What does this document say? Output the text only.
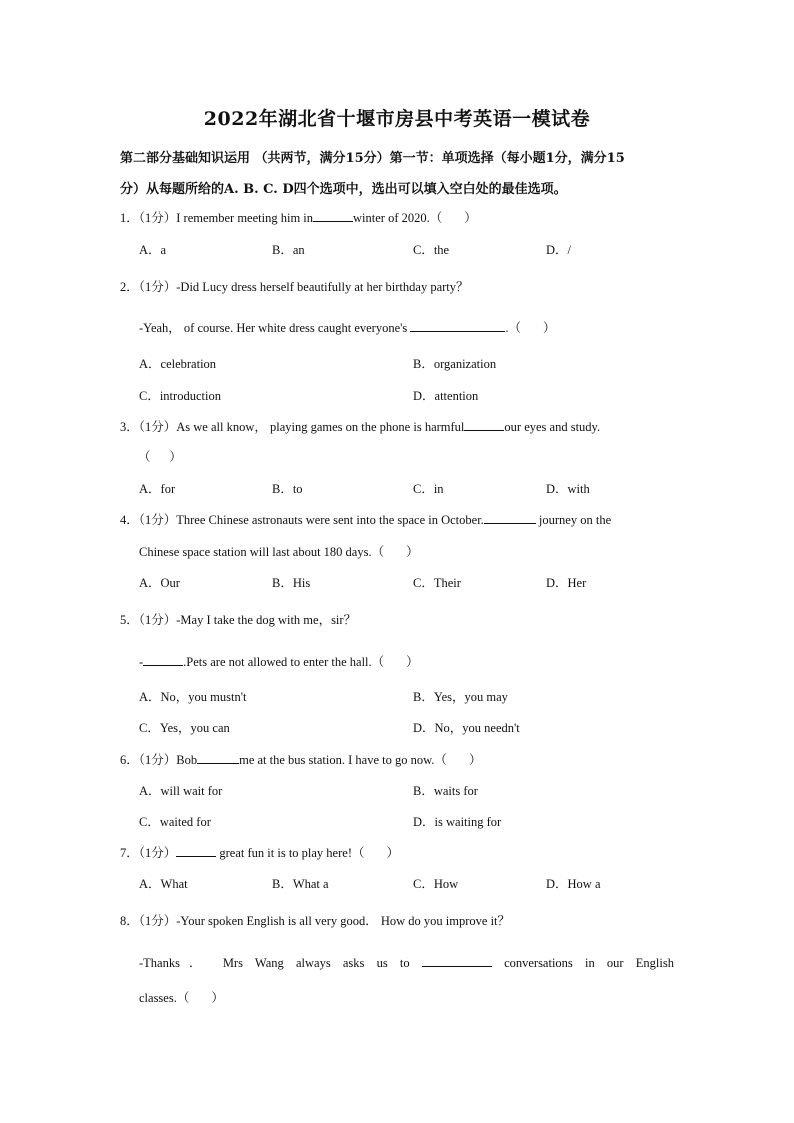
2022年湖北省十堰市房县中考英语一模试卷
第二部分基础知识运用 （共两节，满分15分）第一节：单项选择（每小题1分，满分15
分）从每题所给的A. B. C. D四个选项中，选出可以填入空白处的最佳选项。
1．（1分）I remember meeting him in	winter of 2020.（ ）
A．a	B．an	C．the	D．/
2．（1分）-Did Lucy dress herself beautifully at her birthday party？
-Yeah， of course. Her white dress caught everyone's	.（ ）
A．celebration	B．organization
C．introduction	D．attention
3．（1分）As we all know， playing games on the phone is harmful	our eyes and study.
（      ）
A．for	B．to	C．in	D．with
4．（1分）Three Chinese astronauts were sent into the space in October.	journey on the
Chinese space station will last about 180 days.（ ）
A．Our	B．His	C．Their	D．Her
5．（1分）-May I take the dog with me，sir？
-	.Pets are not allowed to enter the hall.（ ）
A．No，you mustn't	B．Yes，you may
C．Yes，you can	D．No，you needn't
6．（1分）Bob	me at the bus station. I have to go now.（ ）
A．will wait for	B．waits for
C．waited for	D．is waiting for
7．（1分）	great fun it is to play here!（ ）
A．What	B．What a	C．How	D．How a
8．（1分）-Your spoken English is all very good． How do you improve it？
-Thanks． Mrs Wang always asks us to	conversations in our English
classes.（ ）
